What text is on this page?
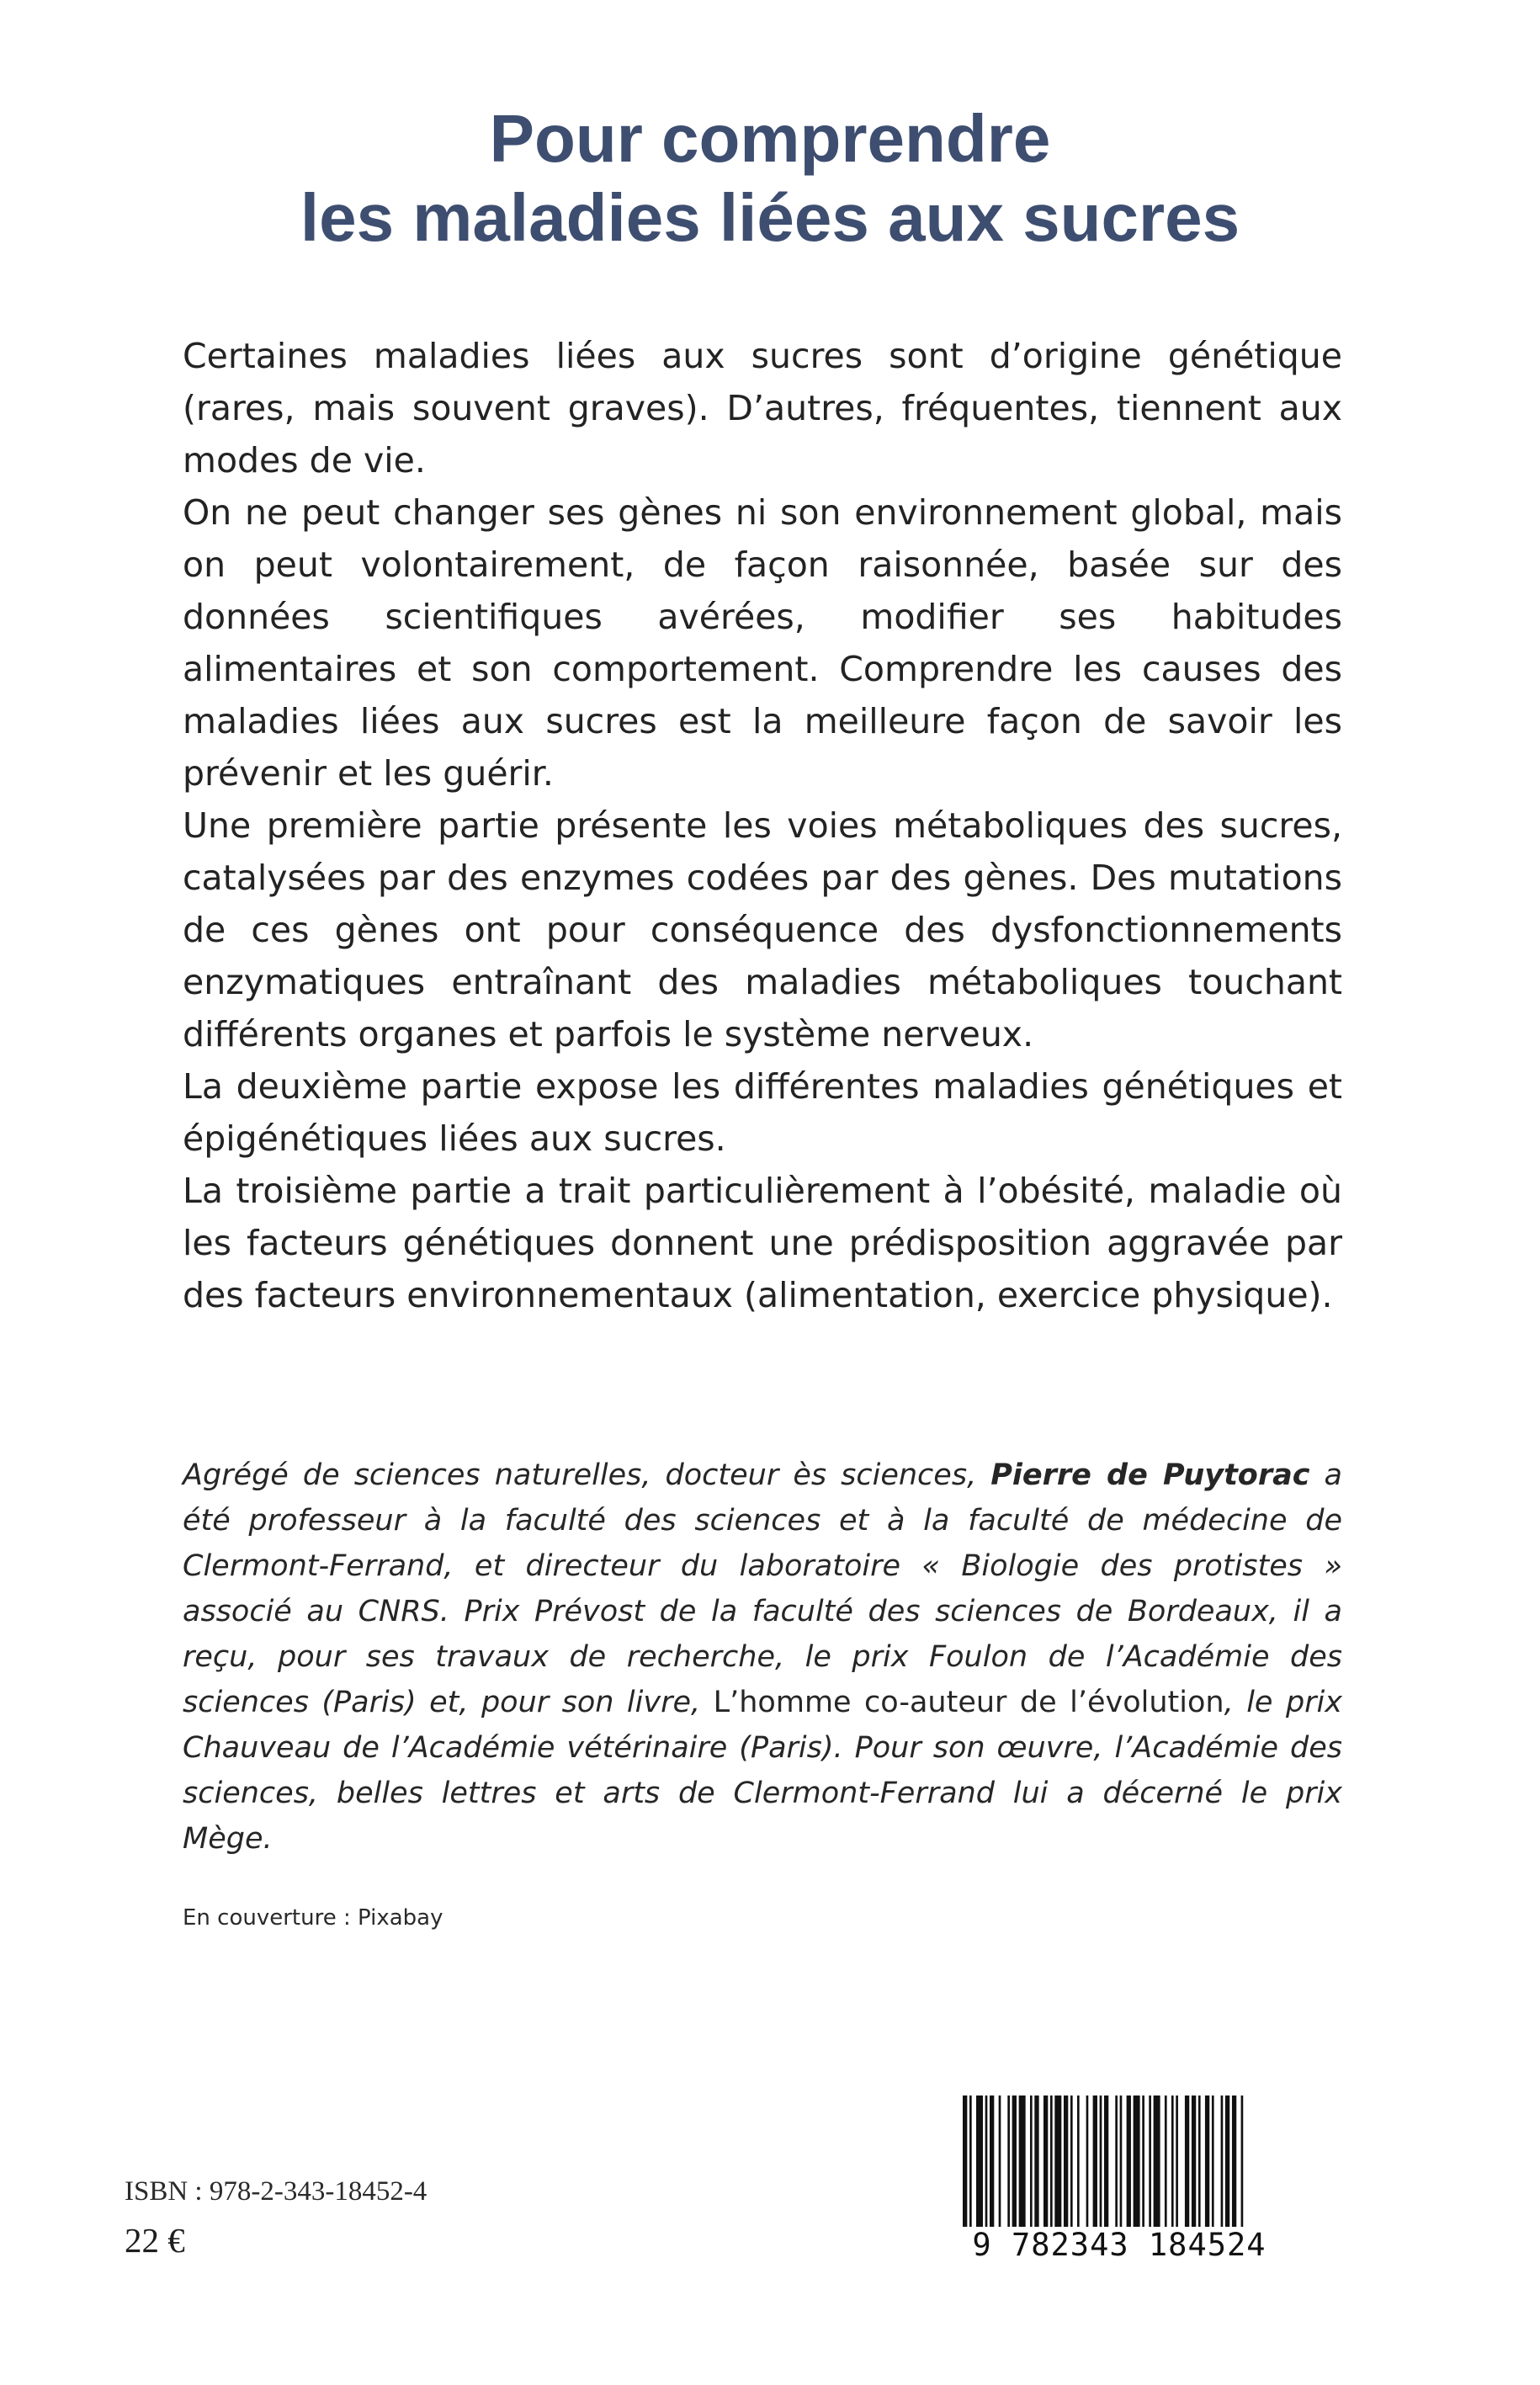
Pour comprendre
les maladies liées aux sucres

Certaines maladies liées aux sucres sont d’origine génétique (rares, mais souvent graves). D’autres, fréquentes, tiennent aux modes de vie.

On ne peut changer ses gènes ni son environnement global, mais on peut volontairement, de façon raisonnée, basée sur des données scientifiques avérées, modifier ses habitudes alimentaires et son comportement. Comprendre les causes des maladies liées aux sucres est la meilleure façon de savoir les prévenir et les guérir.

Une première partie présente les voies métaboliques des sucres, catalysées par des enzymes codées par des gènes. Des mutations de ces gènes ont pour conséquence des dysfonctionnements enzymatiques entraînant des maladies métaboliques touchant différents organes et parfois le système nerveux.

La deuxième partie expose les différentes maladies génétiques et épigénétiques liées aux sucres.

La troisième partie a trait particulièrement à l’obésité, maladie où les facteurs génétiques donnent une prédisposition aggravée par des facteurs environnementaux (alimentation, exercice physique).

Agrégé de sciences naturelles, docteur ès sciences, Pierre de Puytorac a été professeur à la faculté des sciences et à la faculté de médecine de Clermont-Ferrand, et directeur du laboratoire « Biologie des protistes » associé au CNRS. Prix Prévost de la faculté des sciences de Bordeaux, il a reçu, pour ses travaux de recherche, le prix Foulon de l’Académie des sciences (Paris) et, pour son livre, L’homme co-auteur de l’évolution, le prix Chauveau de l’Académie vétérinaire (Paris). Pour son œuvre, l’Académie des sciences, belles lettres et arts de Clermont-Ferrand lui a décerné le prix Mège.
En couverture : Pixabay
ISBN : 978-2-343-18452-4
22 €	9 782343 184524
